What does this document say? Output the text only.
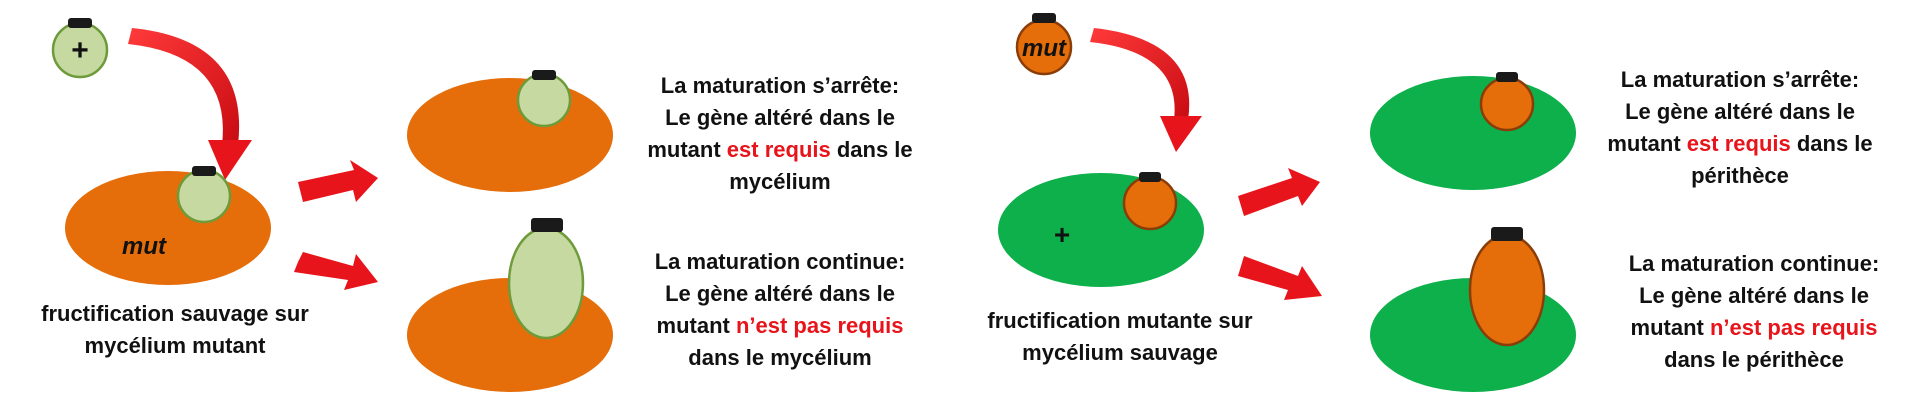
+
mut
mut
+
fructification sauvage sur
mycélium mutant
La maturation s’arrête:
Le gène altéré dans le
mutant est requis dans le
mycélium
La maturation continue:
Le gène altéré dans le
mutant n’est pas requis
dans le mycélium
fructification mutante sur
mycélium sauvage
La maturation s’arrête:
Le gène altéré dans le
mutant est requis dans le
périthèce
La maturation continue:
Le gène altéré dans le
mutant n’est pas requis
dans le périthèce
